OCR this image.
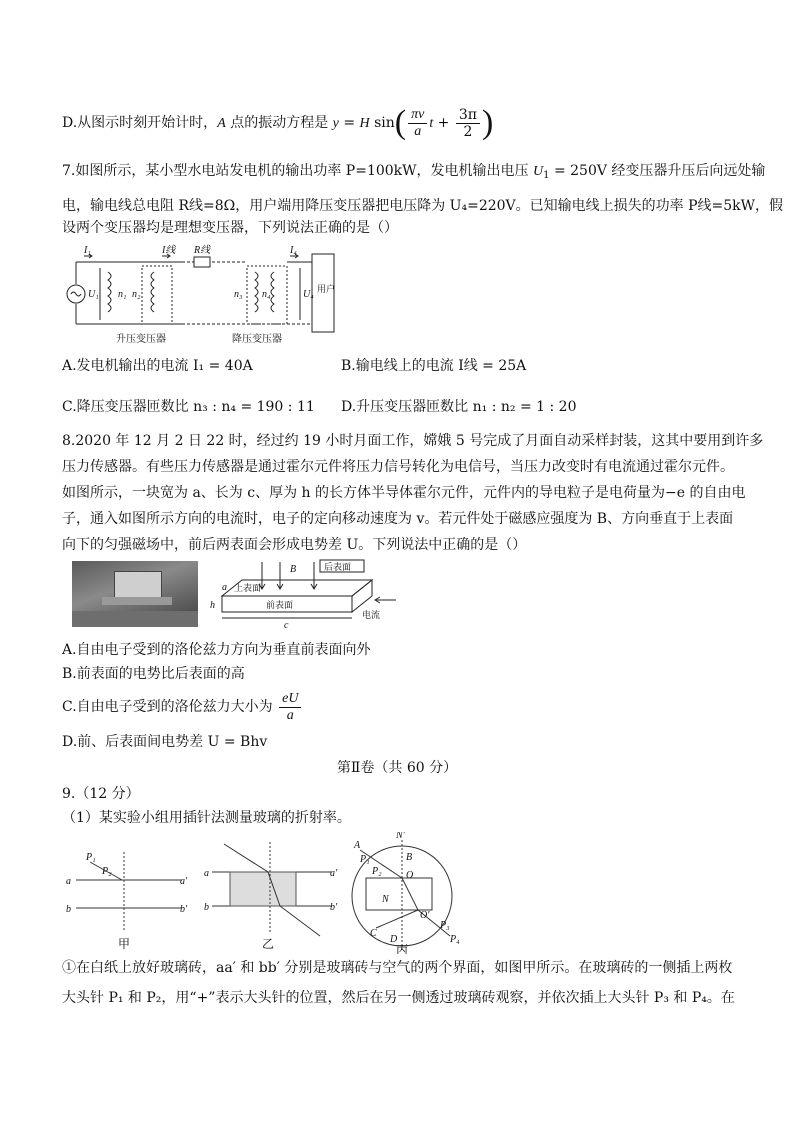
D.从图示时刻开始计时，A 点的振动方程是 y = H $\sin( \frac{\pi v}{a}$ $t + \frac{3\pi}{2}$ )
7.如图所示，某小型水电站发电机的输出功率 P=100kW，发电机输出电压 $U_1 = 250V$ 经变压器升压后向远处输
电，输电线总电阻 R线=8Ω，用户端用降压变压器把电压降为 U₄=220V。已知输电线上损失的功率 P线=5kW，假
设两个变压器均是理想变压器，下列说法正确的是（）
I₁	I线 R线	I₄
U₁ n₁ n₂	n₃ n₄	U₄ 用户
升压变压器	降压变压器
A.发电机输出的电流 I₁ = 40A	B.输电线上的电流 I线 = 25A
C.降压变压器匝数比 n₃ : n₄ = 190 : 11 D.升压变压器匝数比 n₁ : n₂ = 1 : 20
8.2020 年 12 月 2 日 22 时，经过约 19 小时月面工作，嫦娥 5 号完成了月面自动采样封装，这其中要用到许多
压力传感器。有些压力传感器是通过霍尔元件将压力信号转化为电信号，当压力改变时有电流通过霍尔元件。
如图所示，一块宽为 a、长为 c、厚为 h 的长方体半导体霍尔元件，元件内的导电粒子是电荷量为−e 的自由电
子，通入如图所示方向的电流时，电子的定向移动速度为 v。若元件处于磁感应强度为 B、方向垂直于上表面
向下的匀强磁场中，前后两表面会形成电势差 U。下列说法中正确的是（）
B	后表面
上表面
前表面
电流
a
h
c
A.自由电子受到的洛伦兹力方向为垂直前表面向外
B.前表面的电势比后表面的高
C.自由电子受到的洛伦兹力大小为 $\frac{eU}{a}$
D.前、后表面间电势差 U = Bhv
第Ⅱ卷（共 60 分）
9.（12 分）
（1）某实验小组用插针法测量玻璃的折射率。
a	a′
b	b′
P₁
P₂	a	a′
b	b′
N′
A
B
P₁
P₂ O
N
O′
C
D
P₃
P₄
甲	乙	丙
①在白纸上放好玻璃砖，aa′ 和 bb′ 分别是玻璃砖与空气的两个界面，如图甲所示。在玻璃砖的一侧插上两枚
大头针 P₁ 和 P₂，用“+”表示大头针的位置，然后在另一侧透过玻璃砖观察，并依次插上大头针 P₃ 和 P₄。在
